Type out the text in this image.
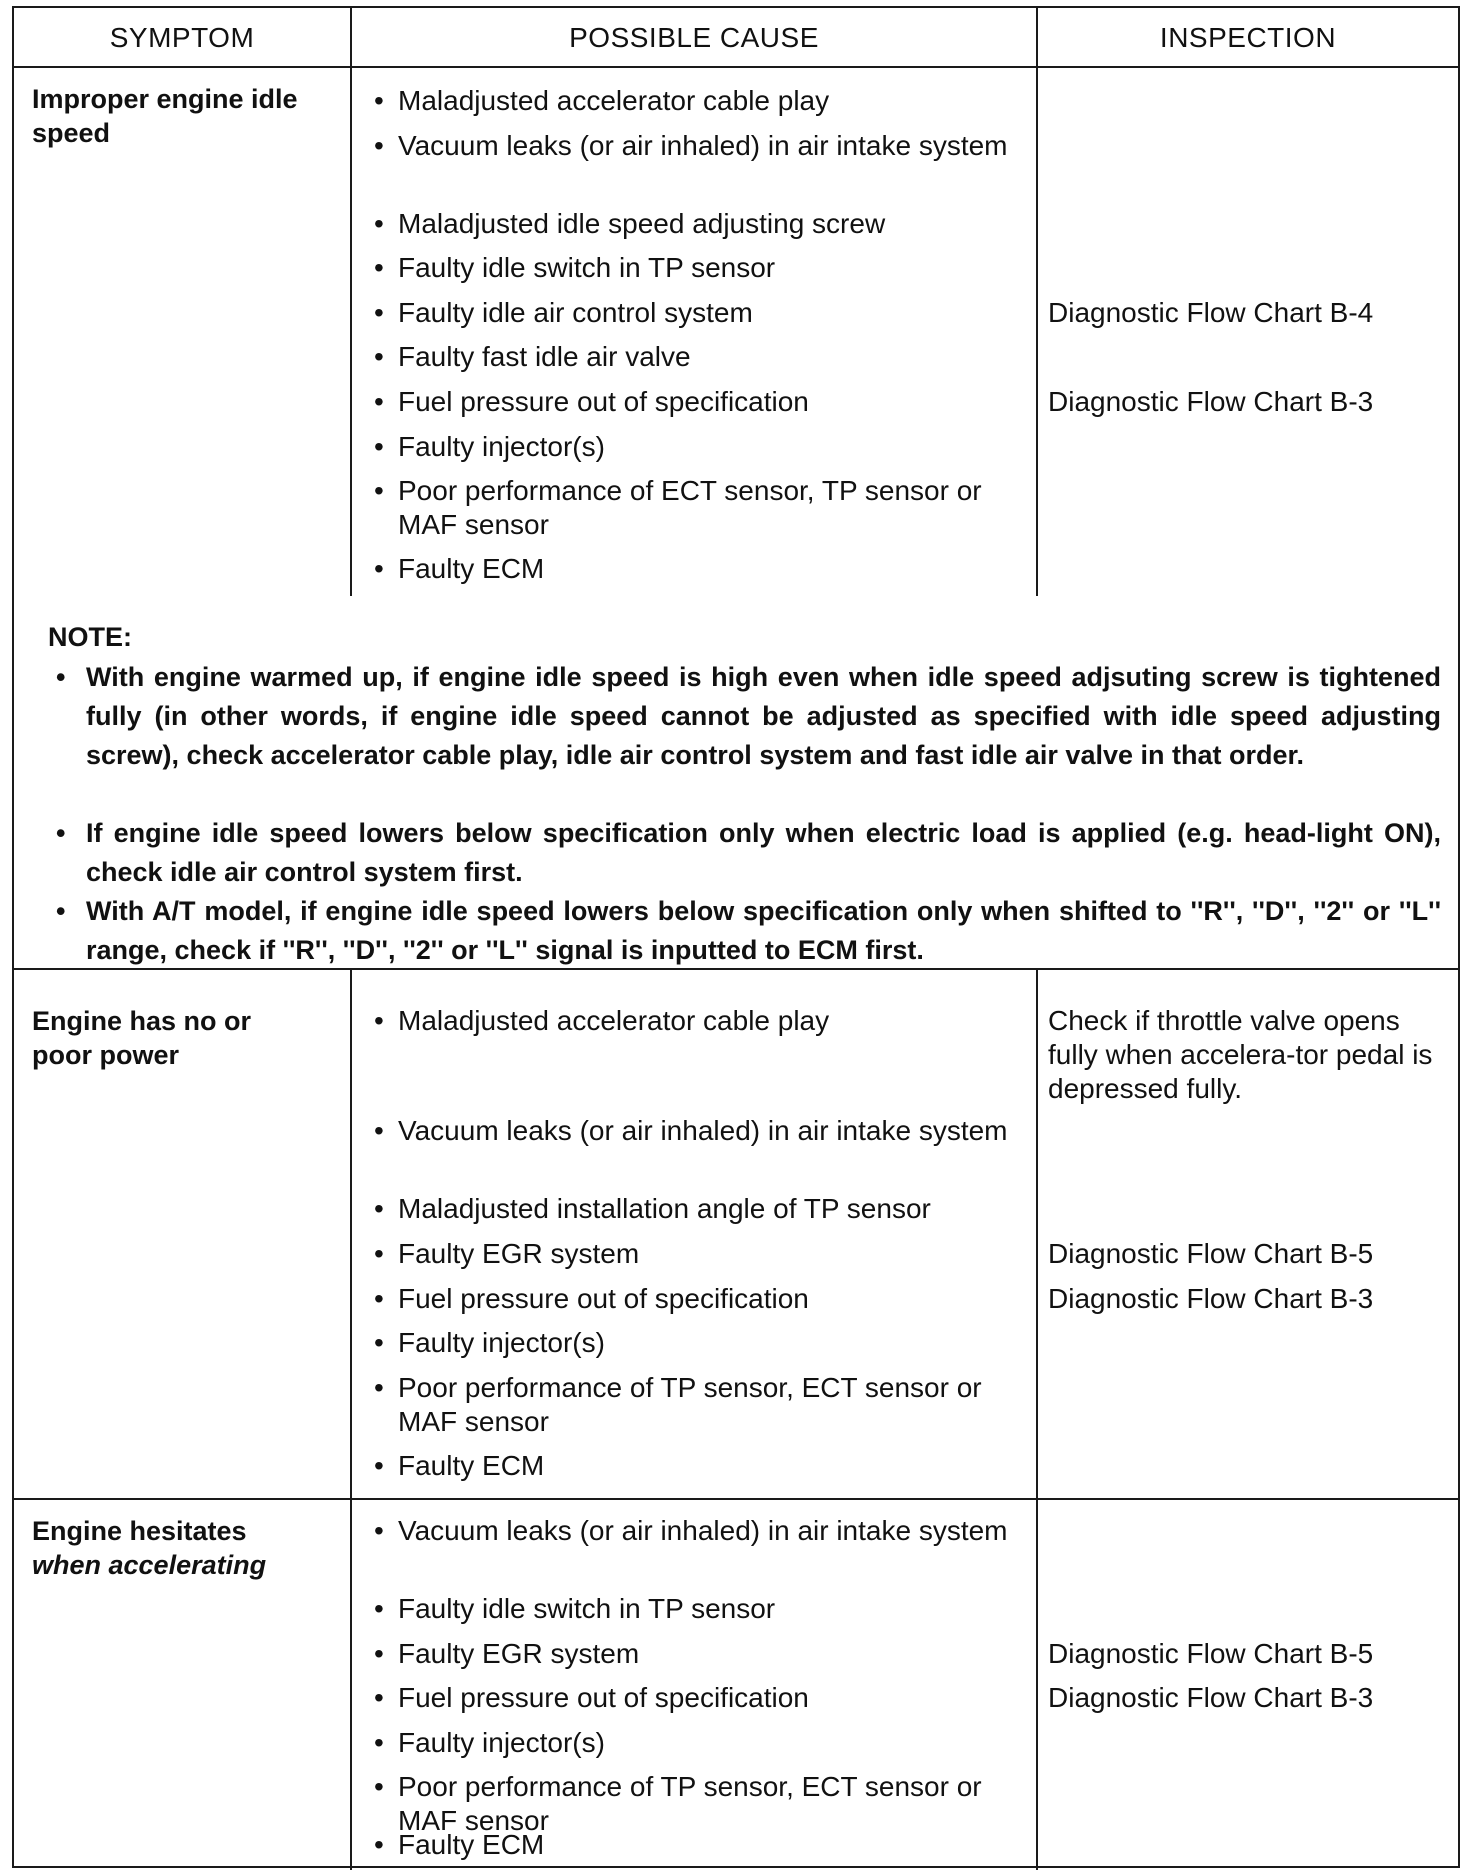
SYMPTOM	POSSIBLE CAUSE	INSPECTION
Improper engine idle
speed
• Maladjusted accelerator cable play
• Vacuum leaks (or air inhaled) in air intake system
• Maladjusted idle speed adjusting screw
• Faulty idle switch in TP sensor
• Faulty idle air control system
• Faulty fast idle air valve
• Fuel pressure out of specification
• Faulty injector(s)
• Poor performance of ECT sensor, TP sensor or MAF sensor
• Faulty ECM
Diagnostic Flow Chart B-4
Diagnostic Flow Chart B-3
NOTE:
• With engine warmed up, if engine idle speed is high even when idle speed adjsuting screw is tightened fully (in other words, if engine idle speed cannot be adjusted as specified with idle speed adjusting screw), check accelerator cable play, idle air control system and fast idle air valve in that order.
• If engine idle speed lowers below specification only when electric load is applied (e.g. head-light ON), check idle air control system first.
• With A/T model, if engine idle speed lowers below specification only when shifted to ''R'', ''D'', ''2'' or ''L'' range, check if ''R'', ''D'', ''2'' or ''L'' signal is inputted to ECM first.
Engine has no or
poor power
• Maladjusted accelerator cable play
• Vacuum leaks (or air inhaled) in air intake system
• Maladjusted installation angle of TP sensor
• Faulty EGR system
• Fuel pressure out of specification
• Faulty injector(s)
• Poor performance of TP sensor, ECT sensor or MAF sensor
• Faulty ECM
Check if throttle valve opens fully when accelera-tor pedal is depressed fully.
Diagnostic Flow Chart B-5
Diagnostic Flow Chart B-3
Engine hesitates
when accelerating
• Vacuum leaks (or air inhaled) in air intake system
• Faulty idle switch in TP sensor
• Faulty EGR system
• Fuel pressure out of specification
• Faulty injector(s)
• Poor performance of TP sensor, ECT sensor or MAF sensor
• Faulty ECM
Diagnostic Flow Chart B-5
Diagnostic Flow Chart B-3
